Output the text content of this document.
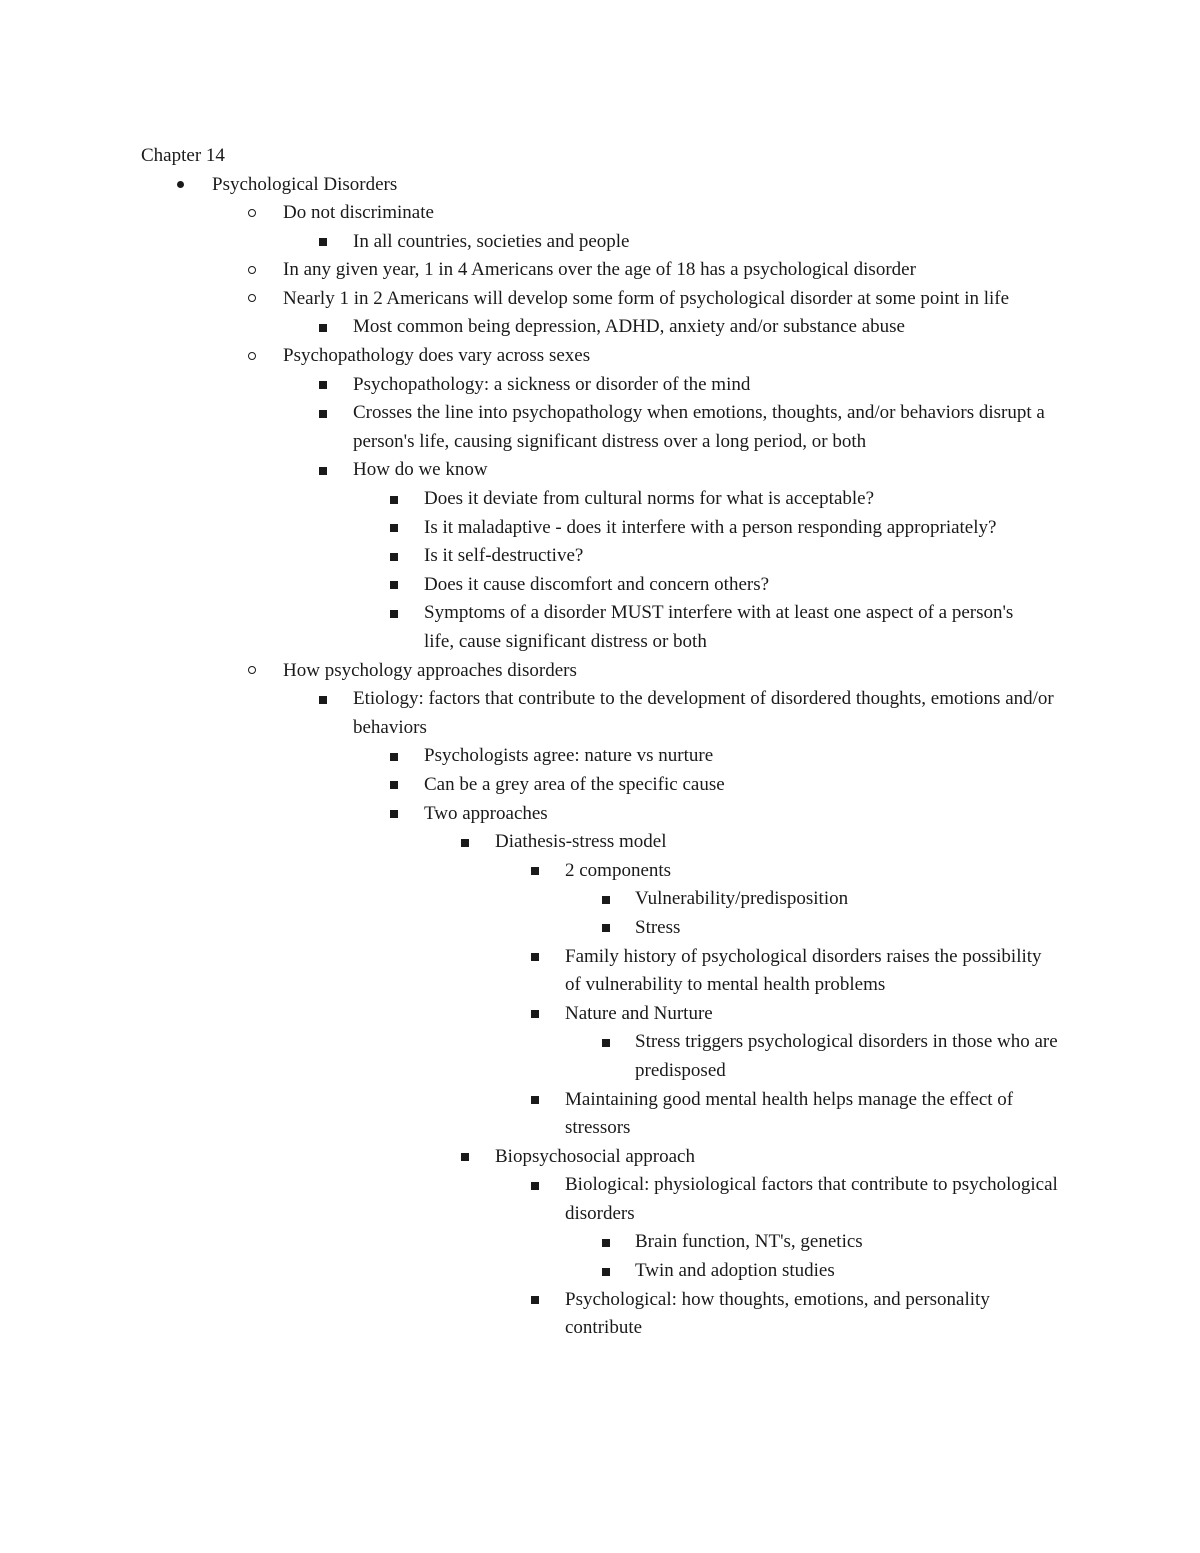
Chapter 14
Psychological Disorders
Do not discriminate
In all countries, societies and people
In any given year, 1 in 4 Americans over the age of 18 has a psychological disorder
Nearly 1 in 2 Americans will develop some form of psychological disorder at some point in life
Most common being depression, ADHD, anxiety and/or substance abuse
Psychopathology does vary across sexes
Psychopathology: a sickness or disorder of the mind
Crosses the line into psychopathology when emotions, thoughts, and/or behaviors disrupt a person's life, causing significant distress over a long period, or both
How do we know
Does it deviate from cultural norms for what is acceptable?
Is it maladaptive - does it interfere with a person responding appropriately?
Is it self-destructive?
Does it cause discomfort and concern others?
Symptoms of a disorder MUST interfere with at least one aspect of a person's life, cause significant distress or both
How psychology approaches disorders
Etiology: factors that contribute to the development of disordered thoughts, emotions and/or behaviors
Psychologists agree: nature vs nurture
Can be a grey area of the specific cause
Two approaches
Diathesis-stress model
2 components
Vulnerability/predisposition
Stress
Family history of psychological disorders raises the possibility of vulnerability to mental health problems
Nature and Nurture
Stress triggers psychological disorders in those who are predisposed
Maintaining good mental health helps manage the effect of stressors
Biopsychosocial approach
Biological: physiological factors that contribute to psychological disorders
Brain function, NT's, genetics
Twin and adoption studies
Psychological: how thoughts, emotions, and personality contribute
